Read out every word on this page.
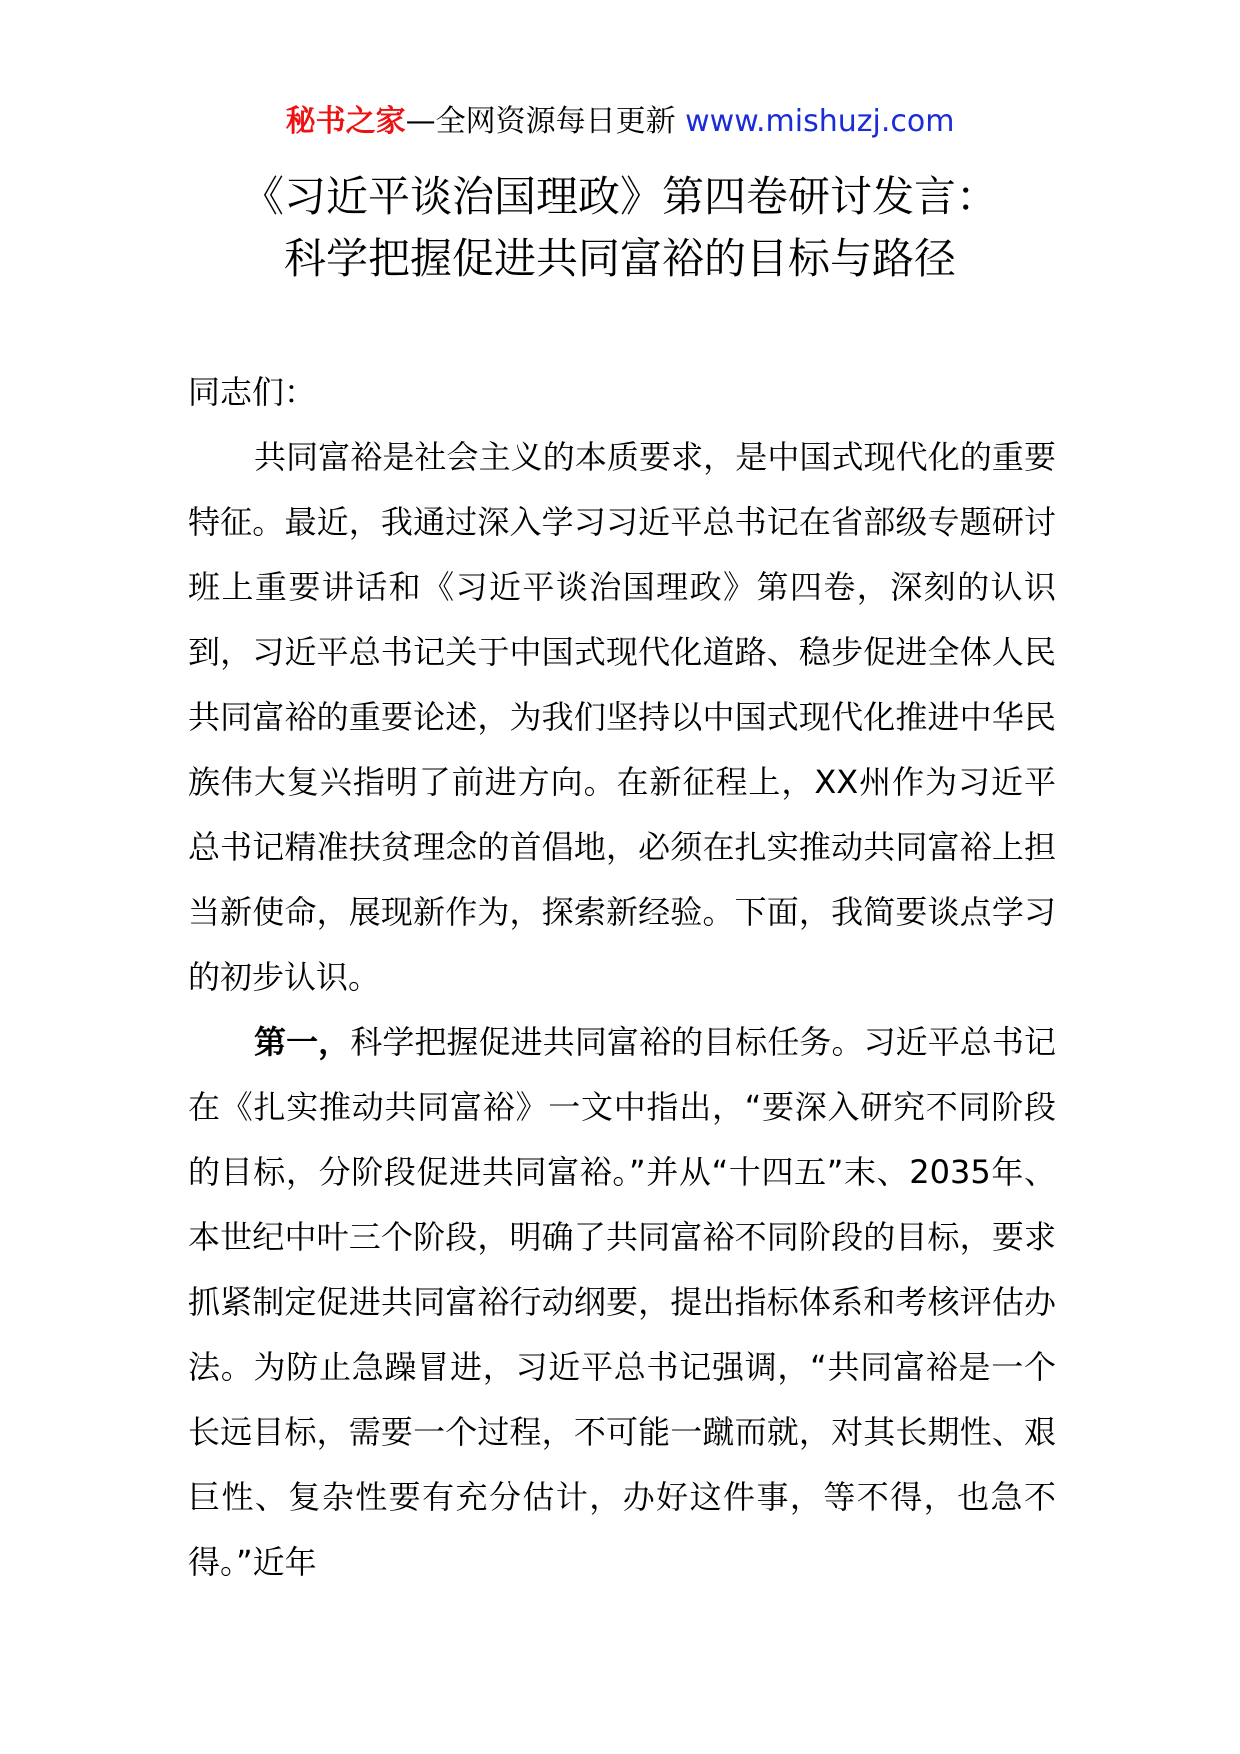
秘书之家—全网资源每日更新 www.mishuzj.com
《习近平谈治国理政》第四卷研讨发言：
科学把握促进共同富裕的目标与路径

同志们：

共同富裕是社会主义的本质要求，是中国式现代化的重要特征。最近，我通过深入学习习近平总书记在省部级专题研讨班上重要讲话和《习近平谈治国理政》第四卷，深刻的认识到，习近平总书记关于中国式现代化道路、稳步促进全体人民共同富裕的重要论述，为我们坚持以中国式现代化推进中华民族伟大复兴指明了前进方向。在新征程上，XX州作为习近平总书记精准扶贫理念的首倡地，必须在扎实推动共同富裕上担当新使命，展现新作为，探索新经验。下面，我简要谈点学习的初步认识。

第一，科学把握促进共同富裕的目标任务。习近平总书记在《扎实推动共同富裕》一文中指出，“要深入研究不同阶段的目标，分阶段促进共同富裕。”并从“十四五”末、2035年、本世纪中叶三个阶段，明确了共同富裕不同阶段的目标，要求抓紧制定促进共同富裕行动纲要，提出指标体系和考核评估办法。为防止急躁冒进，习近平总书记强调，“共同富裕是一个长远目标，需要一个过程，不可能一蹴而就，对其长期性、艰巨性、复杂性要有充分估计，办好这件事，等不得，也急不得。”近年
